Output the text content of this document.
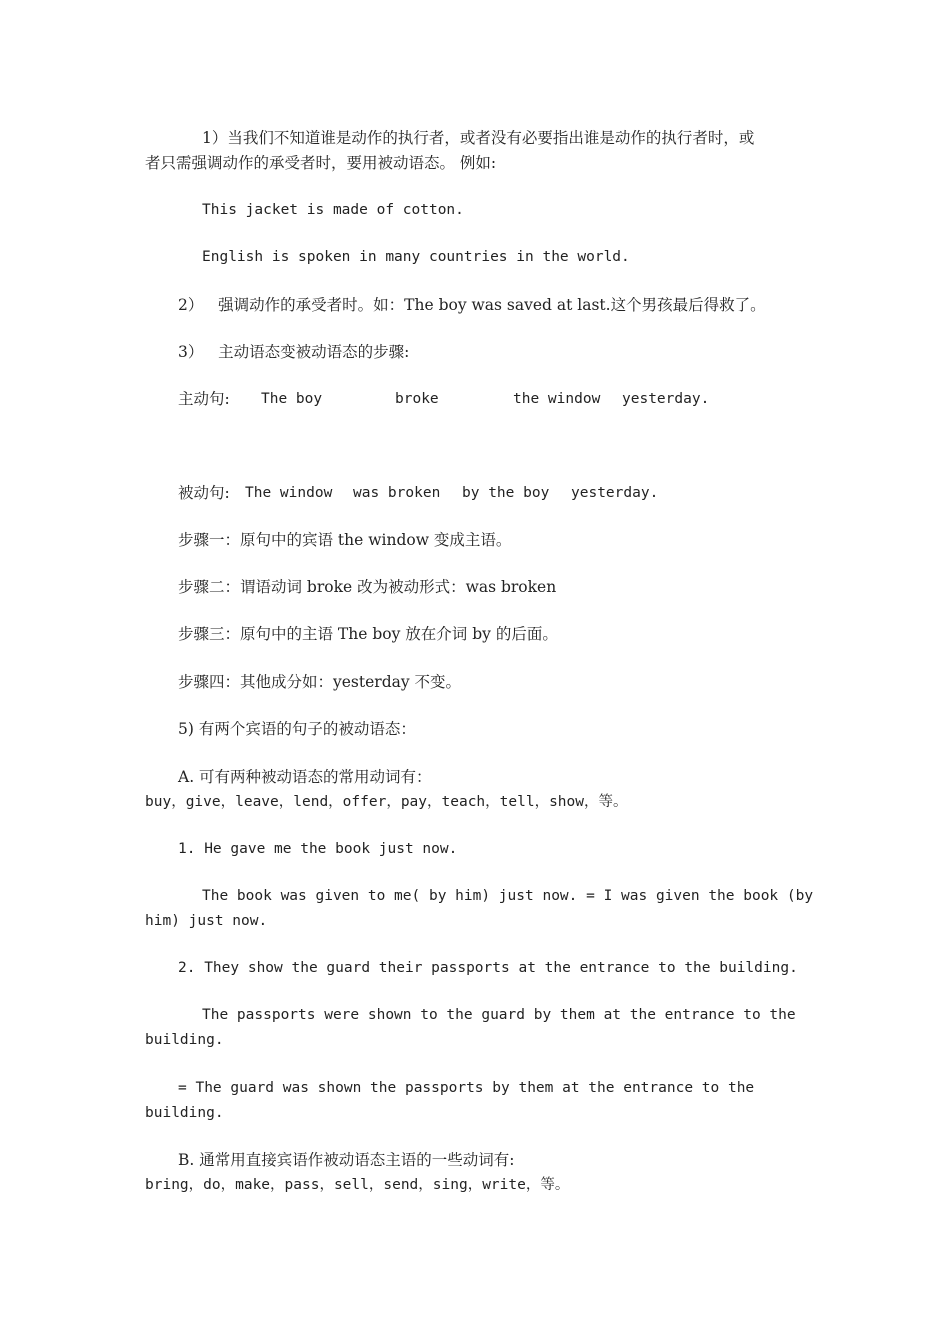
1）当我们不知道谁是动作的执行者，或者没有必要指出谁是动作的执行者时，或
者只需强调动作的承受者时，要用被动语态。 例如:
This jacket is made of cotton.
English is spoken in many countries in the world.
2）   强调动作的承受者时。如：The boy was saved at last.这个男孩最后得救了。
3）   主动语态变被动语态的步骤:
主动句: The boy	broke	the window yesterday.
被动句: The window was broken by the boy yesterday.
步骤一：原句中的宾语 the window 变成主语。
步骤二：谓语动词 broke 改为被动形式：was broken
步骤三：原句中的主语 The boy 放在介词 by 的后面。
步骤四：其他成分如：yesterday 不变。
5) 有两个宾语的句子的被动语态：
A. 可有两种被动语态的常用动词有：
buy，give，leave，lend，offer，pay，teach，tell，show，等。
1. He gave me the book just now.
The book was given to me( by him) just now. = I was given the book (by
him) just now.
2. They show the guard their passports at the entrance to the building.
The passports were shown to the guard by them at the entrance to the
building.
= The guard was shown the passports by them at the entrance to the
building.
B. 通常用直接宾语作被动语态主语的一些动词有:
bring，do，make，pass，sell，send，sing，write，等。
